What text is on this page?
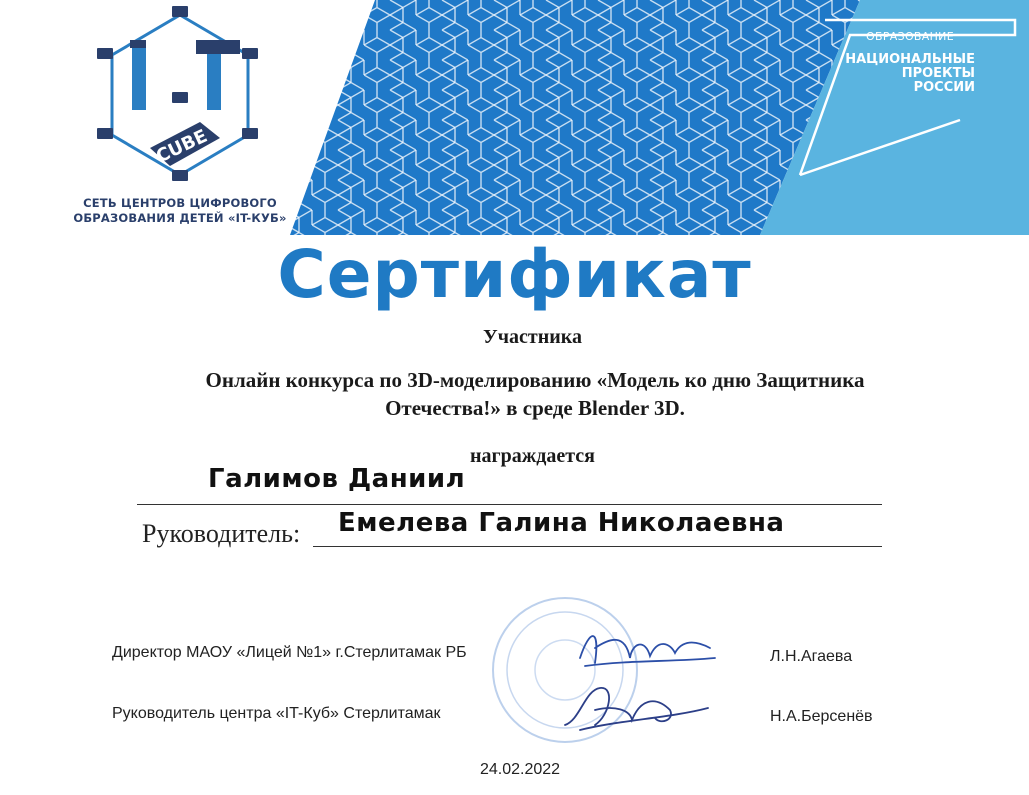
CUBE
СЕТЬ ЦЕНТРОВ ЦИФРОВОГО
ОБРАЗОВАНИЯ ДЕТЕЙ «IT-КУБ»
ОБРАЗОВАНИЕ
НАЦИОНАЛЬНЫЕ
ПРОЕКТЫ
РОССИИ
Сертификат
Участника
Онлайн конкурса по 3D-моделированию «Модель ко дню Защитника
Отечества!» в среде Blender 3D.
награждается
Галимов Даниил
Руководитель: Емелева Галина Николаевна
Директор МАОУ «Лицей №1» г.Стерлитамак РБ	Л.Н.Агаева
Руководитель центра «IT-Куб» Стерлитамак	Н.А.Берсенёв
24.02.2022
